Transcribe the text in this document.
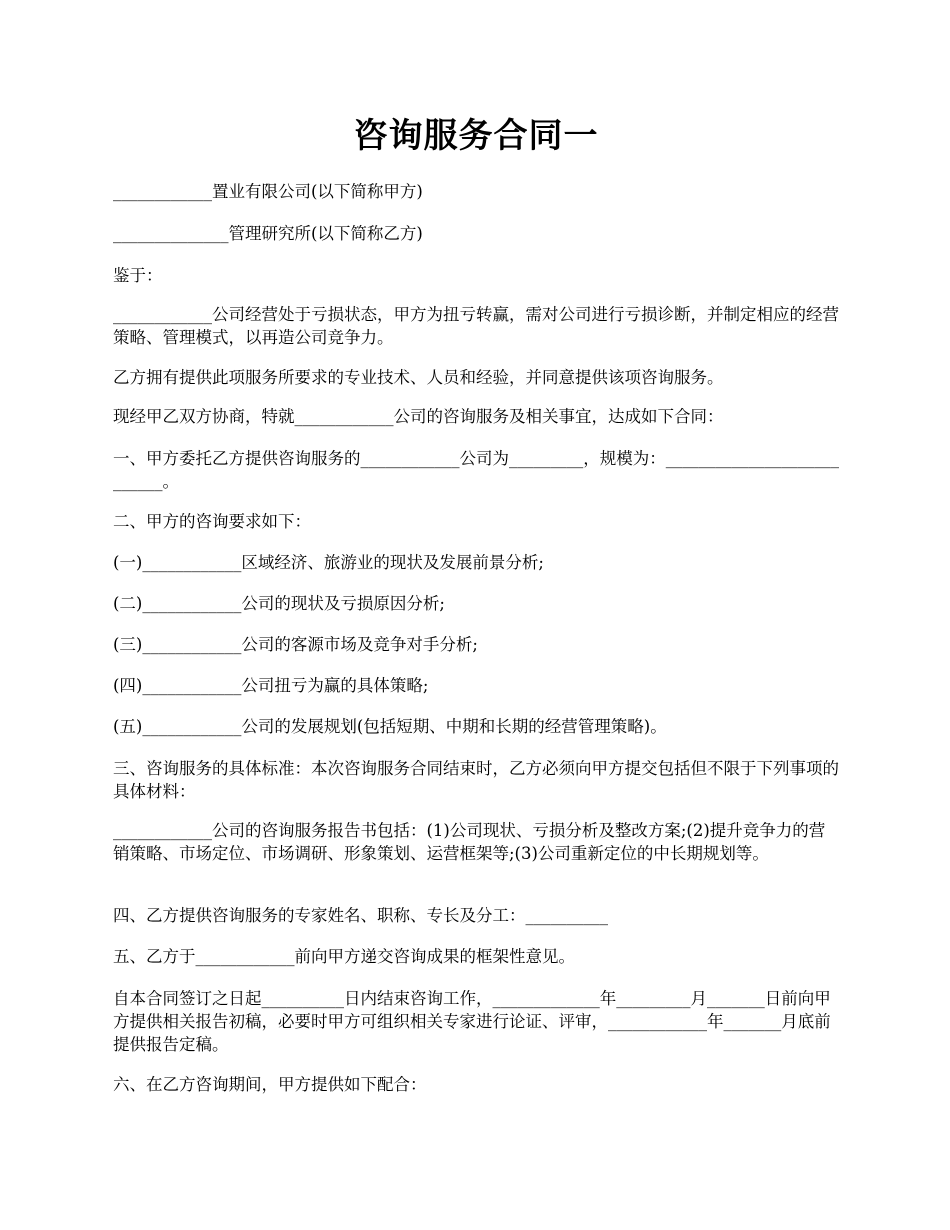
咨询服务合同一

____________置业有限公司(以下简称甲方)

______________管理研究所(以下简称乙方)

鉴于：

____________公司经营处于亏损状态，甲方为扭亏转赢，需对公司进行亏损诊断，并制定相应的经营策略、管理模式，以再造公司竞争力。

乙方拥有提供此项服务所要求的专业技术、人员和经验，并同意提供该项咨询服务。

现经甲乙双方协商，特就____________公司的咨询服务及相关事宜，达成如下合同：

一、甲方委托乙方提供咨询服务的____________公司为_________，规模为：___________________________。

二、甲方的咨询要求如下：

(一)____________区域经济、旅游业的现状及发展前景分析;

(二)____________公司的现状及亏损原因分析;

(三)____________公司的客源市场及竞争对手分析;

(四)____________公司扭亏为赢的具体策略;

(五)____________公司的发展规划(包括短期、中期和长期的经营管理策略)。

三、咨询服务的具体标准：本次咨询服务合同结束时，乙方必须向甲方提交包括但不限于下列事项的具体材料：

____________公司的咨询服务报告书包括：(1)公司现状、亏损分析及整改方案;(2)提升竞争力的营销策略、市场定位、市场调研、形象策划、运营框架等;(3)公司重新定位的中长期规划等。

四、乙方提供咨询服务的专家姓名、职称、专长及分工：__________

五、乙方于____________前向甲方递交咨询成果的框架性意见。

自本合同签订之日起__________日内结束咨询工作，_____________年_________月_______日前向甲方提供相关报告初稿，必要时甲方可组织相关专家进行论证、评审，____________年_______月底前提供报告定稿。

六、在乙方咨询期间，甲方提供如下配合：
